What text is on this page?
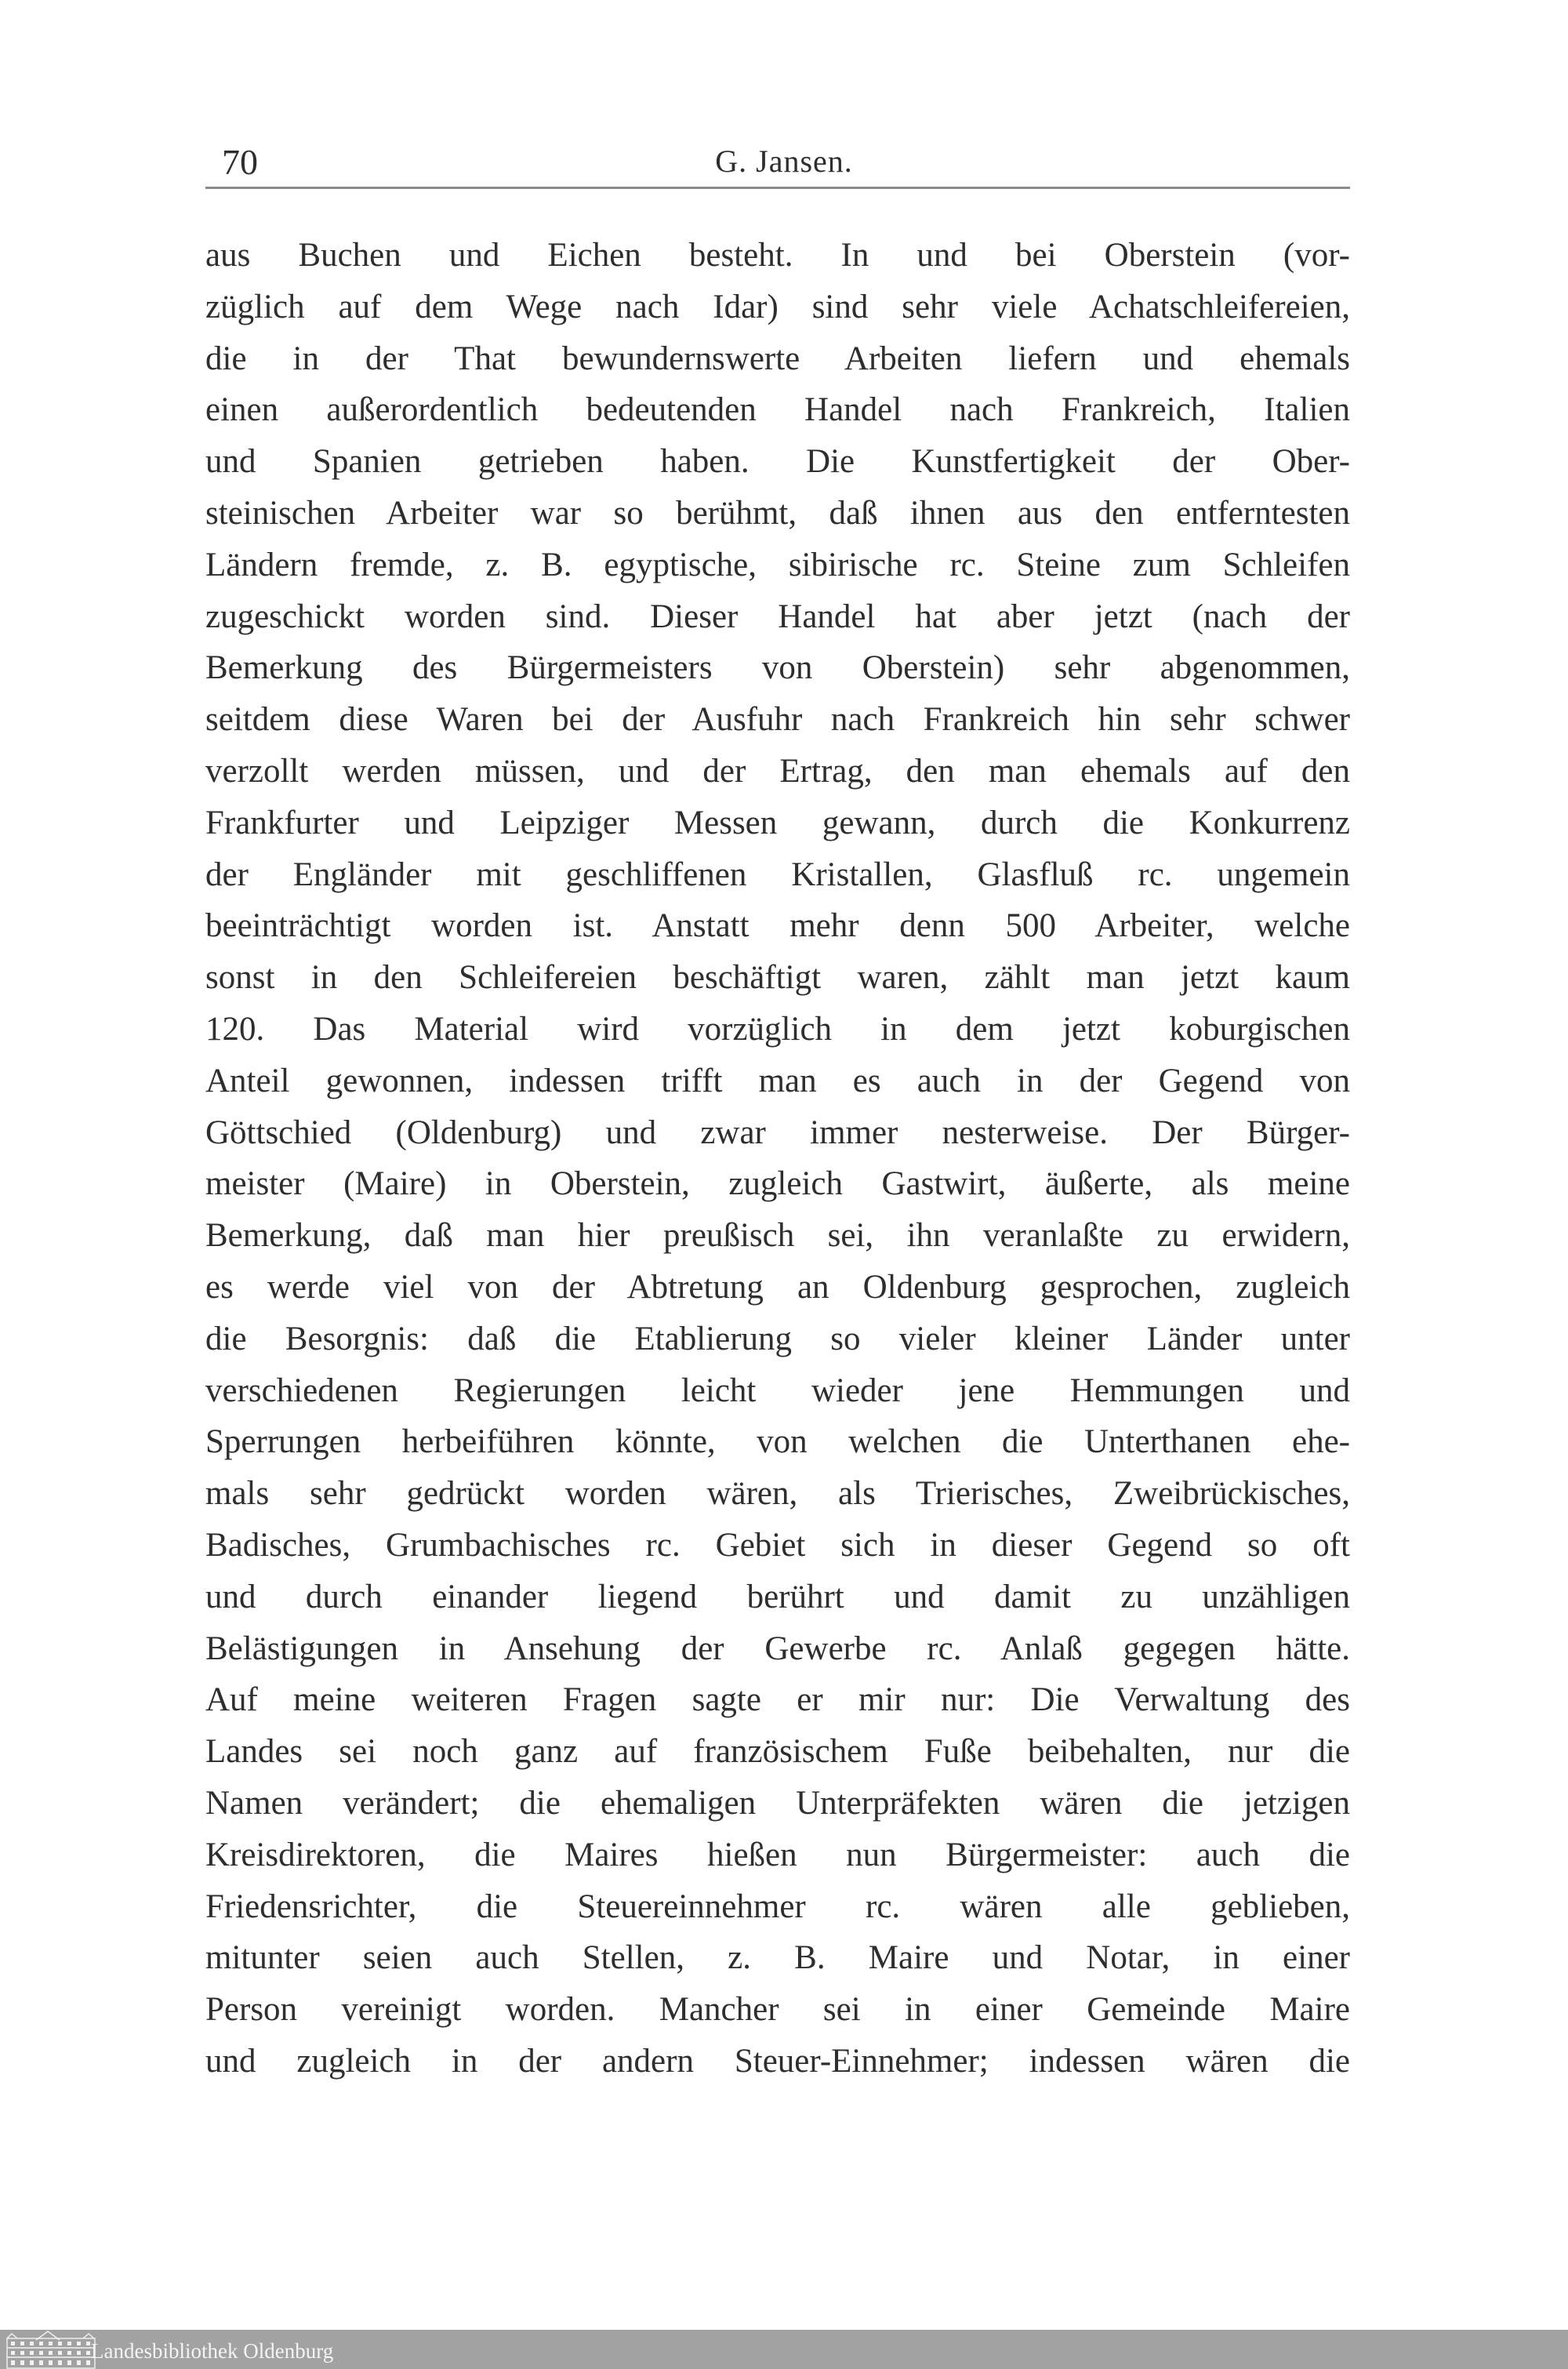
70	G. Jansen.
aus Buchen und Eichen besteht. In und bei Oberstein (vor-
züglich auf dem Wege nach Idar) sind sehr viele Achatschleifereien,
die in der That bewundernswerte Arbeiten liefern und ehemals
einen außerordentlich bedeutenden Handel nach Frankreich, Italien
und Spanien getrieben haben. Die Kunstfertigkeit der Ober-
steinischen Arbeiter war so berühmt, daß ihnen aus den entferntesten
Ländern fremde, z. B. egyptische, sibirische rc. Steine zum Schleifen
zugeschickt worden sind. Dieser Handel hat aber jetzt (nach der
Bemerkung des Bürgermeisters von Oberstein) sehr abgenommen,
seitdem diese Waren bei der Ausfuhr nach Frankreich hin sehr schwer
verzollt werden müssen, und der Ertrag, den man ehemals auf den
Frankfurter und Leipziger Messen gewann, durch die Konkurrenz
der Engländer mit geschliffenen Kristallen, Glasfluß rc. ungemein
beeinträchtigt worden ist. Anstatt mehr denn 500 Arbeiter, welche
sonst in den Schleifereien beschäftigt waren, zählt man jetzt kaum
120. Das Material wird vorzüglich in dem jetzt koburgischen
Anteil gewonnen, indessen trifft man es auch in der Gegend von
Göttschied (Oldenburg) und zwar immer nesterweise. Der Bürger-
meister (Maire) in Oberstein, zugleich Gastwirt, äußerte, als meine
Bemerkung, daß man hier preußisch sei, ihn veranlaßte zu erwidern,
es werde viel von der Abtretung an Oldenburg gesprochen, zugleich
die Besorgnis: daß die Etablierung so vieler kleiner Länder unter
verschiedenen Regierungen leicht wieder jene Hemmungen und
Sperrungen herbeiführen könnte, von welchen die Unterthanen ehe-
mals sehr gedrückt worden wären, als Trierisches, Zweibrückisches,
Badisches, Grumbachisches rc. Gebiet sich in dieser Gegend so oft
und durch einander liegend berührt und damit zu unzähligen
Belästigungen in Ansehung der Gewerbe rc. Anlaß gegegen hätte.
Auf meine weiteren Fragen sagte er mir nur: Die Verwaltung des
Landes sei noch ganz auf französischem Fuße beibehalten, nur die
Namen verändert; die ehemaligen Unterpräfekten wären die jetzigen
Kreisdirektoren, die Maires hießen nun Bürgermeister: auch die
Friedensrichter, die Steuereinnehmer rc. wären alle geblieben,
mitunter seien auch Stellen, z. B. Maire und Notar, in einer
Person vereinigt worden. Mancher sei in einer Gemeinde Maire
und zugleich in der andern Steuer-Einnehmer; indessen wären die
Landesbibliothek Oldenburg
